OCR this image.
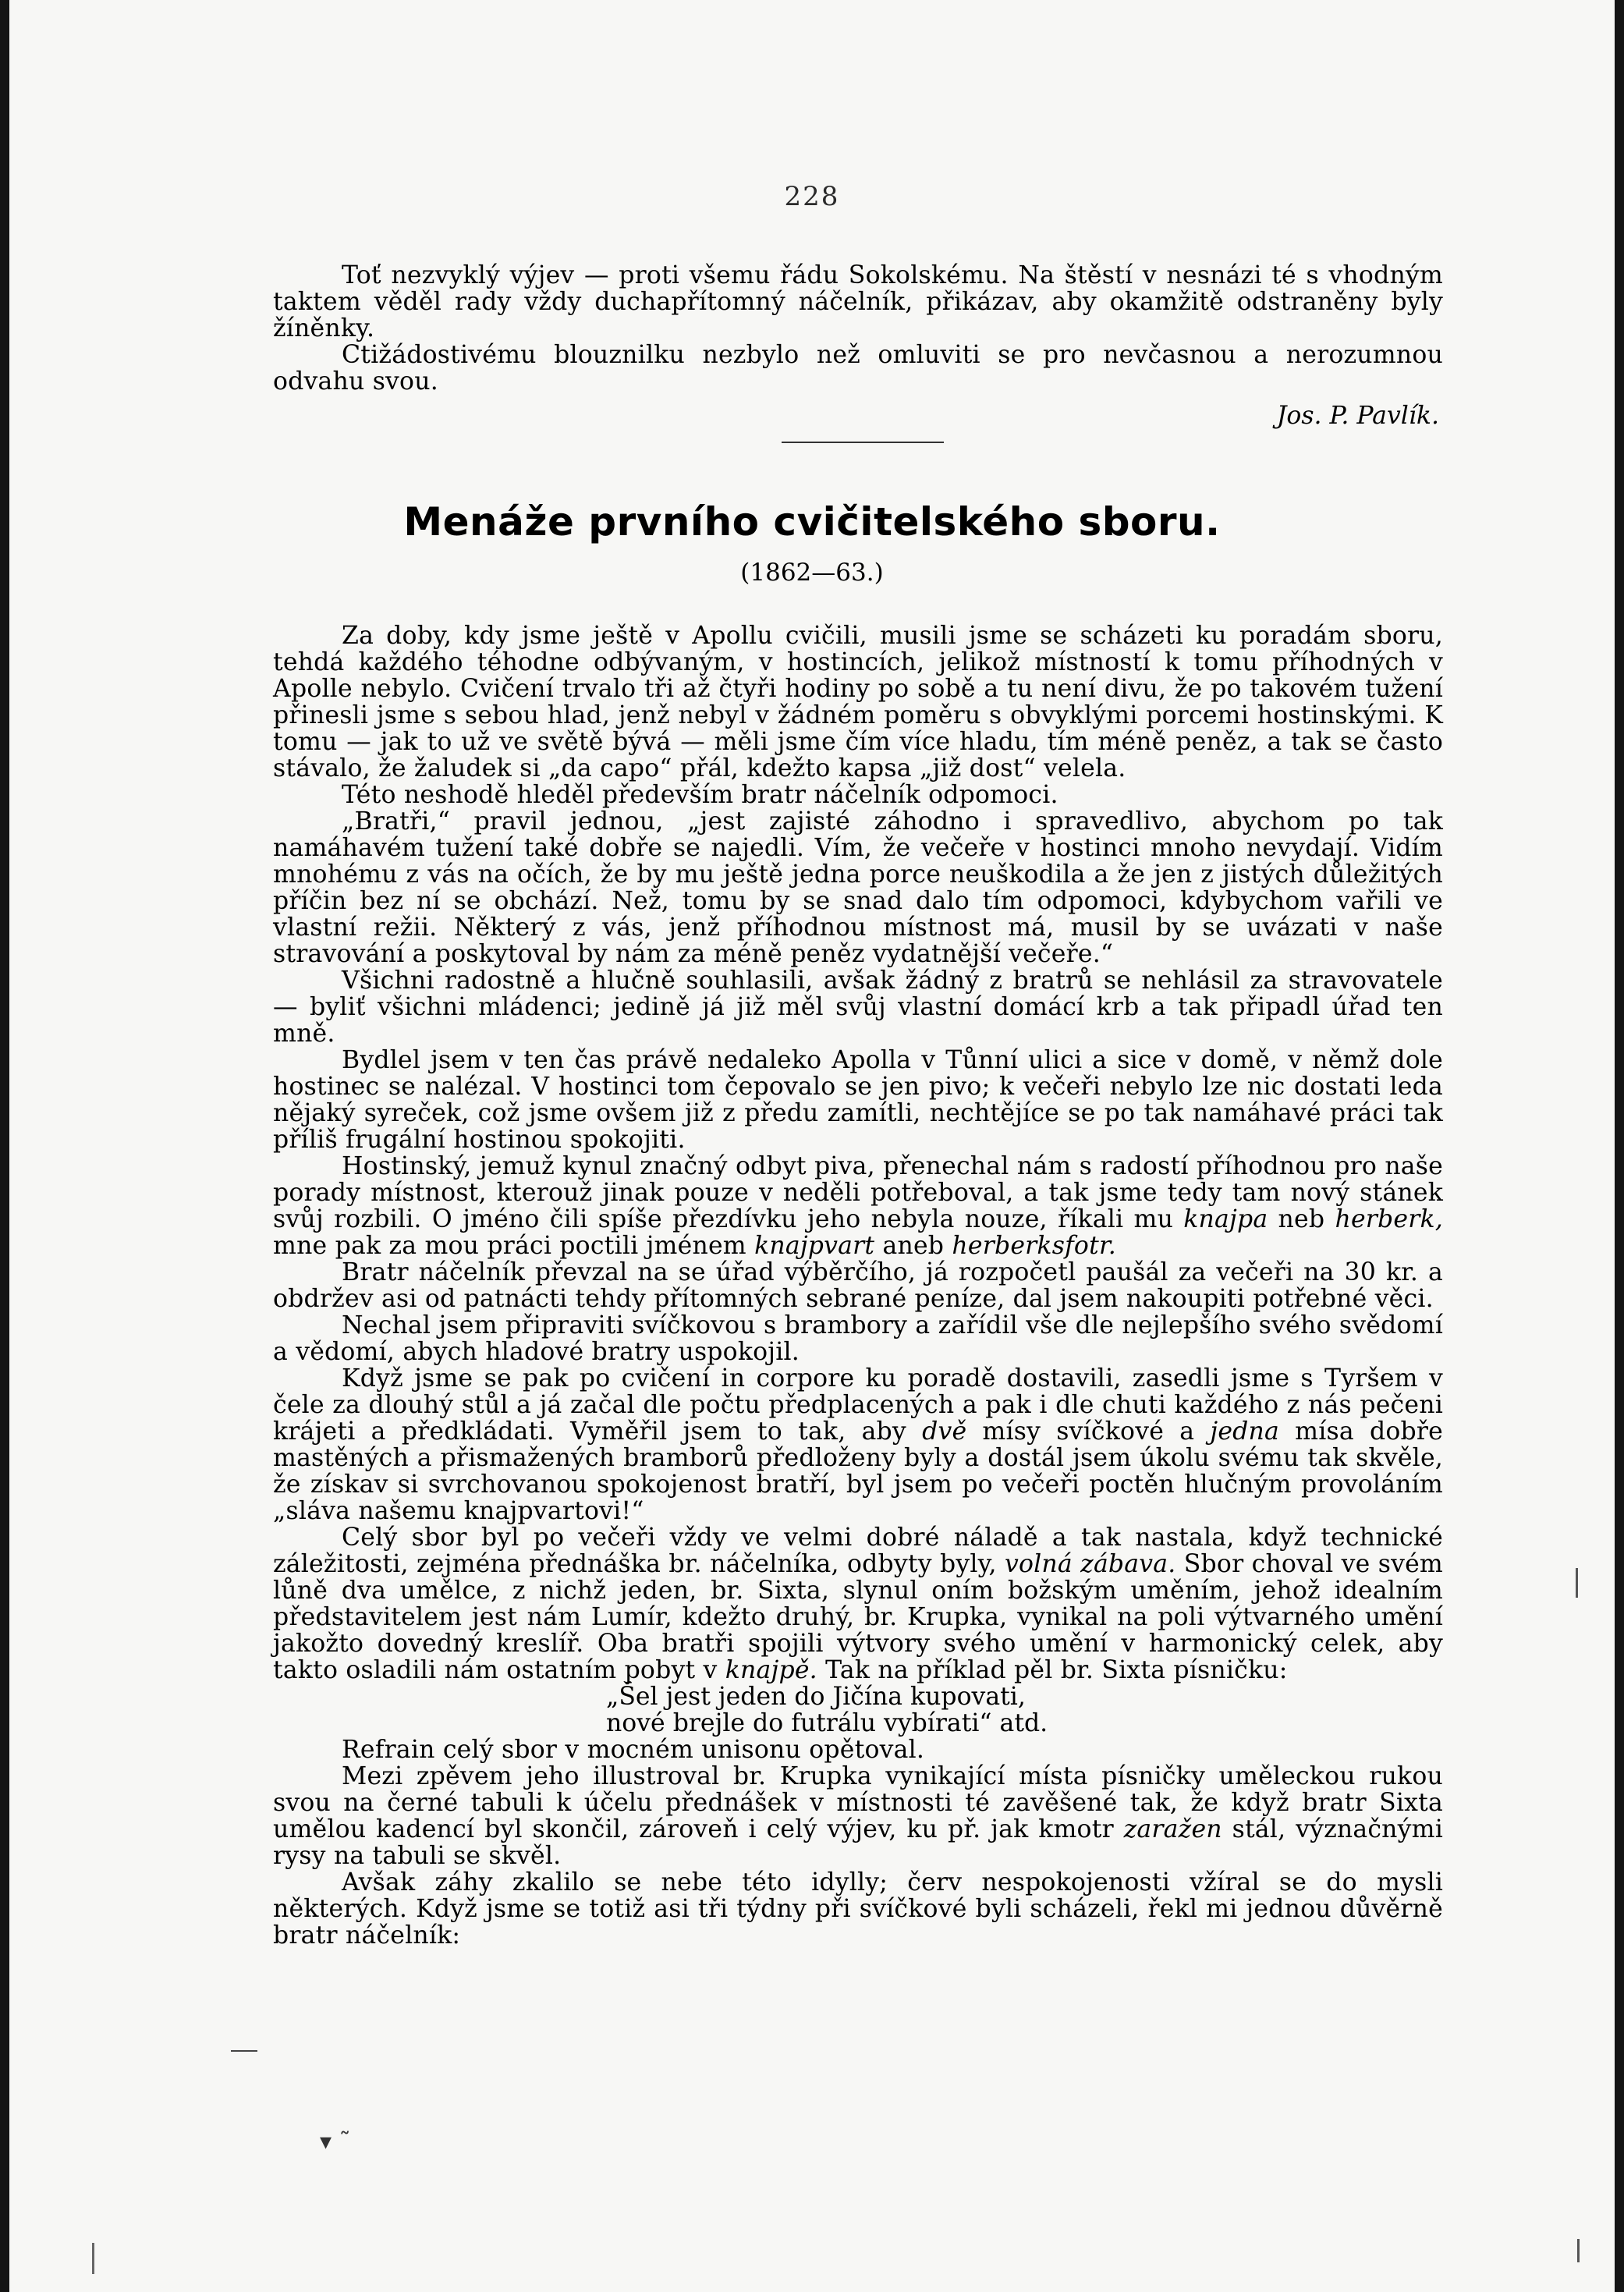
228

Toť nezvyklý výjev — proti všemu řádu Sokolskému. Na štěstí v nesnázi té s vhodným taktem věděl rady vždy duchapřítomný náčelník, přikázav, aby okamžitě odstraněny byly žíněnky.

Ctižádostivému blouznilku nezbylo než omluviti se pro nevčasnou a nerozumnou odvahu svou.

Jos. P. Pavlík.

Menáže prvního cvičitelského sboru.
(1862—63.)

Za doby, kdy jsme ještě v Apollu cvičili, musili jsme se scházeti ku poradám sboru, tehdá každého téhodne odbývaným, v hostincích, jelikož místností k tomu příhodných v Apolle nebylo. Cvičení trvalo tři až čtyři hodiny po sobě a tu není divu, že po takovém tužení přinesli jsme s sebou hlad, jenž nebyl v žádném poměru s obvyklými porcemi hostinskými. K tomu — jak to už ve světě bývá — měli jsme čím více hladu, tím méně peněz, a tak se často stávalo, že žaludek si „da capo“ přál, kdežto kapsa „již dost“ velela.

Této neshodě hleděl především bratr náčelník odpomoci.

„Bratři,“ pravil jednou, „jest zajisté záhodno i spravedlivo, abychom po tak namáhavém tužení také dobře se najedli. Vím, že večeře v hostinci mnoho nevydají. Vidím mnohému z vás na očích, že by mu ještě jedna porce neuškodila a že jen z jistých důležitých příčin bez ní se obchází. Než, tomu by se snad dalo tím odpomoci, kdybychom vařili ve vlastní režii. Některý z vás, jenž příhodnou místnost má, musil by se uvázati v naše stravování a poskytoval by nám za méně peněz vydatnější večeře.“

Všichni radostně a hlučně souhlasili, avšak žádný z bratrů se nehlásil za stravovatele — byliť všichni mládenci; jedině já již měl svůj vlastní domácí krb a tak připadl úřad ten mně.

Bydlel jsem v ten čas právě nedaleko Apolla v Tůnní ulici a sice v domě, v němž dole hostinec se nalézal. V hostinci tom čepovalo se jen pivo; k večeři nebylo lze nic dostati leda nějaký syreček, což jsme ovšem již z předu zamítli, nechtějíce se po tak namáhavé práci tak příliš frugální hostinou spokojiti.

Hostinský, jemuž kynul značný odbyt piva, přenechal nám s radostí příhodnou pro naše porady místnost, kterouž jinak pouze v neděli potřeboval, a tak jsme tedy tam nový stánek svůj rozbili. O jméno čili spíše přezdívku jeho nebyla nouze, říkali mu knajpa neb herberk, mne pak za mou práci poctili jménem knajpvart aneb herberksfotr.

Bratr náčelník převzal na se úřad výběrčího, já rozpočetl paušál za večeři na 30 kr. a obdržev asi od patnácti tehdy přítomných sebrané peníze, dal jsem nakoupiti potřebné věci.

Nechal jsem připraviti svíčkovou s brambory a zařídil vše dle nejlepšího svého svědomí a vědomí, abych hladové bratry uspokojil.

Když jsme se pak po cvičení in corpore ku poradě dostavili, zasedli jsme s Tyršem v čele za dlouhý stůl a já začal dle počtu předplacených a pak i dle chuti každého z nás pečeni krájeti a předkládati. Vyměřil jsem to tak, aby dvě mísy svíčkové a jedna mísa dobře mastěných a přismažených bramborů předloženy byly a dostál jsem úkolu svému tak skvěle, že získav si svrchovanou spokojenost bratří, byl jsem po večeři poctěn hlučným provoláním „sláva našemu knajpvartovi!“

Celý sbor byl po večeři vždy ve velmi dobré náladě a tak nastala, když technické záležitosti, zejména přednáška br. náčelníka, odbyty byly, volná zábava. Sbor choval ve svém lůně dva umělce, z nichž jeden, br. Sixta, slynul oním božským uměním, jehož idealním představitelem jest nám Lumír, kdežto druhý, br. Krupka, vynikal na poli výtvarného umění jakožto dovedný kreslíř. Oba bratři spojili výtvory svého umění v harmonický celek, aby takto osladili nám ostatním pobyt v knajpě. Tak na příklad pěl br. Sixta písničku:

„Šel jest jeden do Jičína kupovati,

nové brejle do futrálu vybírati“ atd.

Refrain celý sbor v mocném unisonu opětoval.

Mezi zpěvem jeho illustroval br. Krupka vynikající místa písničky uměleckou rukou svou na černé tabuli k účelu přednášek v místnosti té zavěšené tak, že když bratr Sixta umělou kadencí byl skončil, zároveň i celý výjev, ku př. jak kmotr zaražen stál, význačnými rysy na tabuli se skvěl.

Avšak záhy zkalilo se nebe této idylly; červ nespokojenosti vžíral se do mysli některých. Když jsme se totiž asi tři týdny při svíčkové byli scházeli, řekl mi jednou důvěrně bratr náčelník:

▾ ˜
